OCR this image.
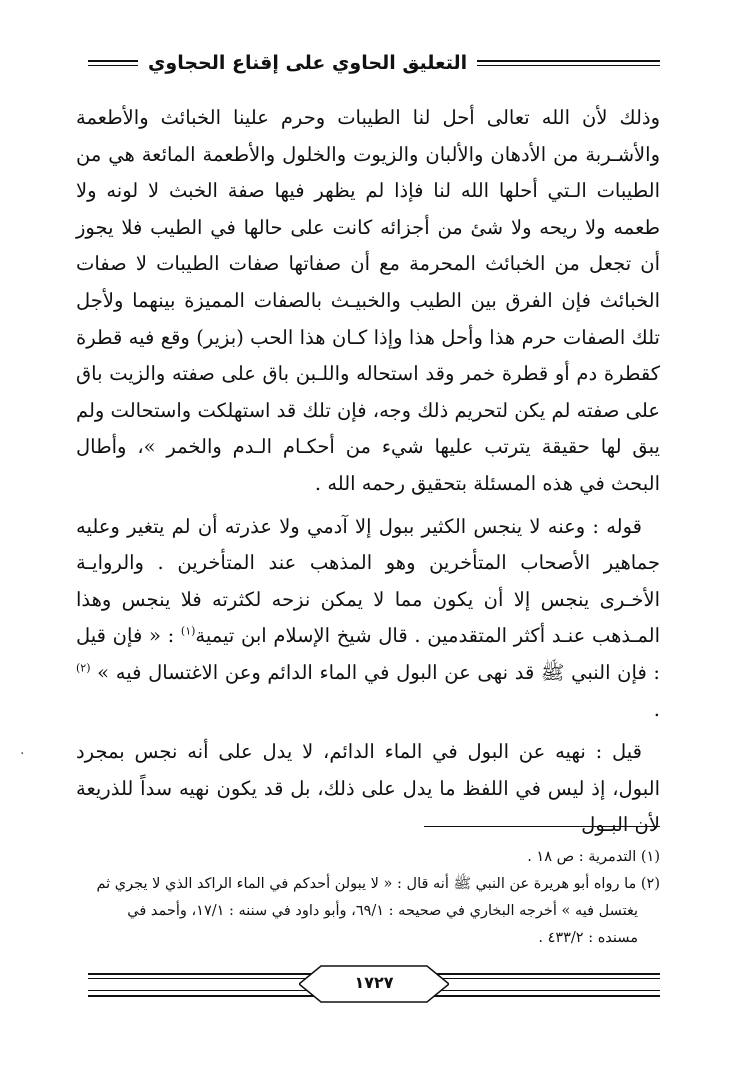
التعليق الحاوي على إقناع الحجاوي

وذلك لأن الله تعالى أحل لنا الطيبات وحرم علينا الخبائث والأطعمة والأشـربة من الأدهان والألبان والزيوت والخلول والأطعمة المائعة هي من الطيبات الـتي أحلها الله لنا فإذا لم يظهر فيها صفة الخبث لا لونه ولا طعمه ولا ريحه ولا شئ من أجزائه كانت على حالها في الطيب فلا يجوز أن تجعل من الخبائث المحرمة مع أن صفاتها صفات الطيبات لا صفات الخبائث فإن الفرق بين الطيب والخبيـث بالصفات المميزة بينهما ولأجل تلك الصفات حرم هذا وأحل هذا وإذا كـان هذا الحب (بزير) وقع فيه قطرة كقطرة دم أو قطرة خمر وقد استحاله واللـبن باق على صفته والزيت باق على صفته لم يكن لتحريم ذلك وجه، فإن تلك قد استهلكت واستحالت ولم يبق لها حقيقة يترتب عليها شيء من أحكـام الـدم والخمر »، وأطال البحث في هذه المسئلة بتحقيق رحمه الله .

قوله : وعنه لا ينجس الكثير ببول إلا آدمي ولا عذرته أن لم يتغير وعليه جماهير الأصحاب المتأخرين وهو المذهب عند المتأخرين . والروايـة الأخـرى ينجس إلا أن يكون مما لا يمكن نزحه لكثرته فلا ينجس وهذا المـذهب عنـد أكثر المتقدمين . قال شيخ الإسلام ابن تيمية$^{(١)}$ : « فإن قيل : فإن النبي ﷺ قد نهى عن البول في الماء الدائم وعن الاغتسال فيه » $^{(٢)}$ .

قيل : نهيه عن البول في الماء الدائم، لا يدل على أنه نجس بمجرد البول، إذ ليس في اللفظ ما يدل على ذلك، بل قد يكون نهيه سداً للذريعة لأن البـول

(١) التدمرية : ص ١٨ .

(٢) ما رواه أبو هريرة عن النبي ﷺ أنه قال : « لا يبولن أحدكم في الماء الراكد الذي لا يجري ثم

يغتسل فيه » أخرجه البخاري في صحيحه : ٦٩/١، وأبو داود في سننه : ١٧/١، وأحمد في

مسنده : ٤٣٣/٢ .

١٧٢٧
·
